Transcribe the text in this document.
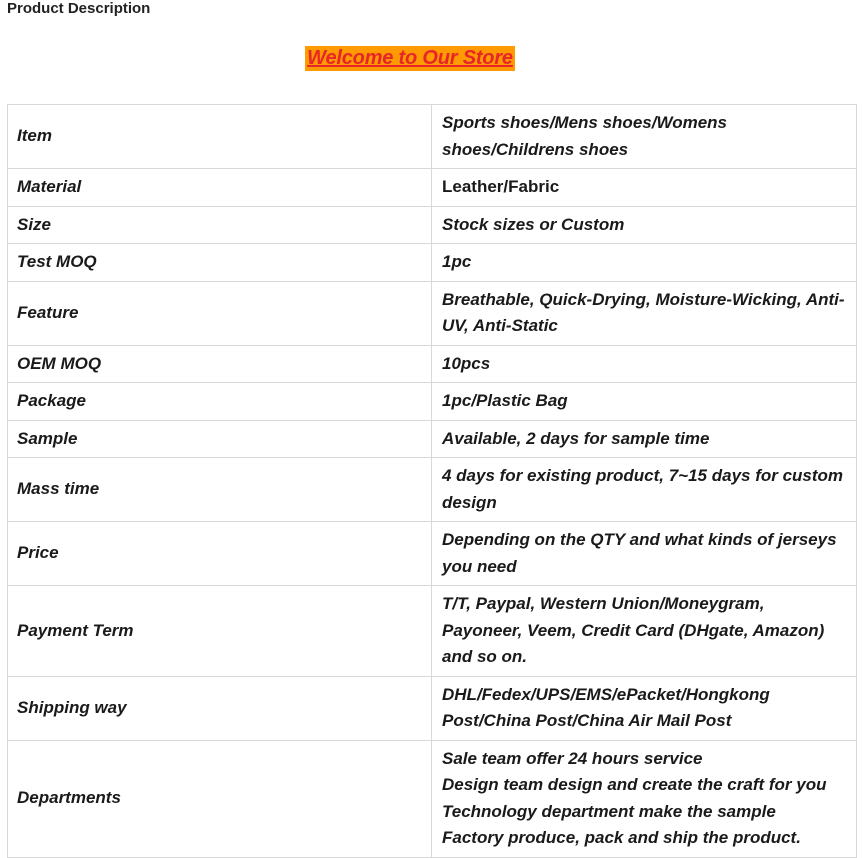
Product Description
Welcome to Our Store
Item	Sports shoes/Mens shoes/Womens shoes/Childrens shoes
Material	Leather/Fabric
Size	Stock sizes or Custom
Test MOQ	1pc
Feature	Breathable, Quick-Drying, Moisture-Wicking, Anti-UV, Anti-Static
OEM MOQ	10pcs
Package	1pc/Plastic Bag
Sample	Available, 2 days for sample time
Mass time	4 days for existing product, 7~15 days for custom design
Price	Depending on the QTY and what kinds of jerseys you need
Payment Term	T/T, Paypal, Western Union/Moneygram, Payoneer, Veem, Credit Card (DHgate, Amazon) and so on.
Shipping way	DHL/Fedex/UPS/EMS/ePacket/Hongkong Post/China Post/China Air Mail Post
Departments	Sale team offer 24 hours service
Design team design and create the craft for you
Technology department make the sample
Factory produce, pack and ship the product.
